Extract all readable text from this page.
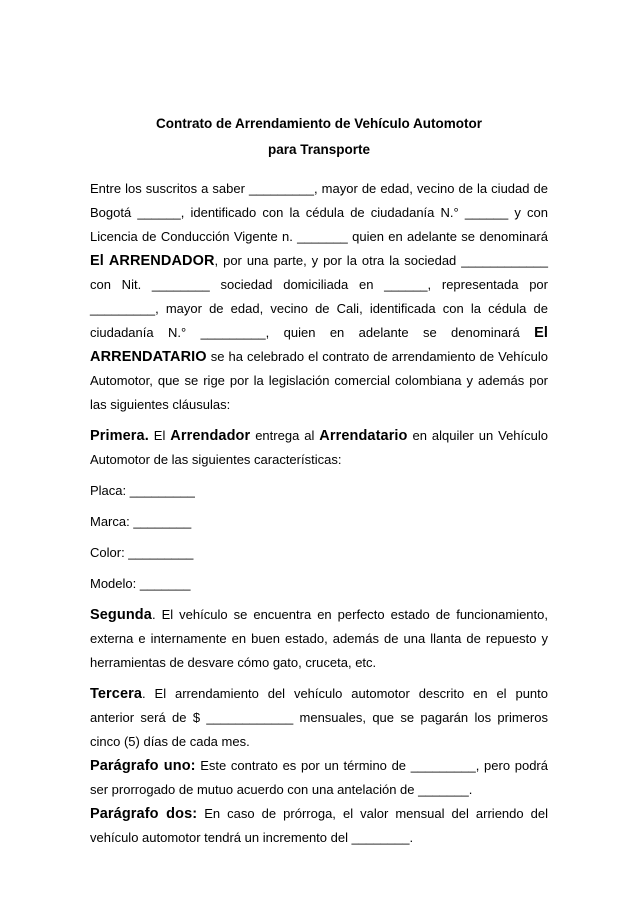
Contrato de Arrendamiento de Vehículo Automotor
para Transporte

Entre los suscritos a saber _________, mayor de edad, vecino de la ciudad de Bogotá ______, identificado con la cédula de ciudadanía N.° ______ y con Licencia de Conducción Vigente n. _______ quien en adelante se denominará El ARRENDADOR, por una parte, y por la otra la sociedad ____________ con Nit. ________ sociedad domiciliada en ______, representada por _________, mayor de edad, vecino de Cali, identificada con la cédula de ciudadanía N.° _________, quien en adelante se denominará El ARRENDATARIO se ha celebrado el contrato de arrendamiento de Vehículo Automotor, que se rige por la legislación comercial colombiana y además por las siguientes cláusulas:

Primera. El Arrendador entrega al Arrendatario en alquiler un Vehículo Automotor de las siguientes características:

Placa: _________

Marca: ________

Color: _________

Modelo: _______

Segunda. El vehículo se encuentra en perfecto estado de funcionamiento, externa e internamente en buen estado, además de una llanta de repuesto y herramientas de desvare cómo gato, cruceta, etc.

Tercera. El arrendamiento del vehículo automotor descrito en el punto anterior será de $ ____________ mensuales, que se pagarán los primeros cinco (5) días de cada mes.

Parágrafo uno: Este contrato es por un término de _________, pero podrá ser prorrogado de mutuo acuerdo con una antelación de _______.

Parágrafo dos: En caso de prórroga, el valor mensual del arriendo del vehículo automotor tendrá un incremento del ________.
